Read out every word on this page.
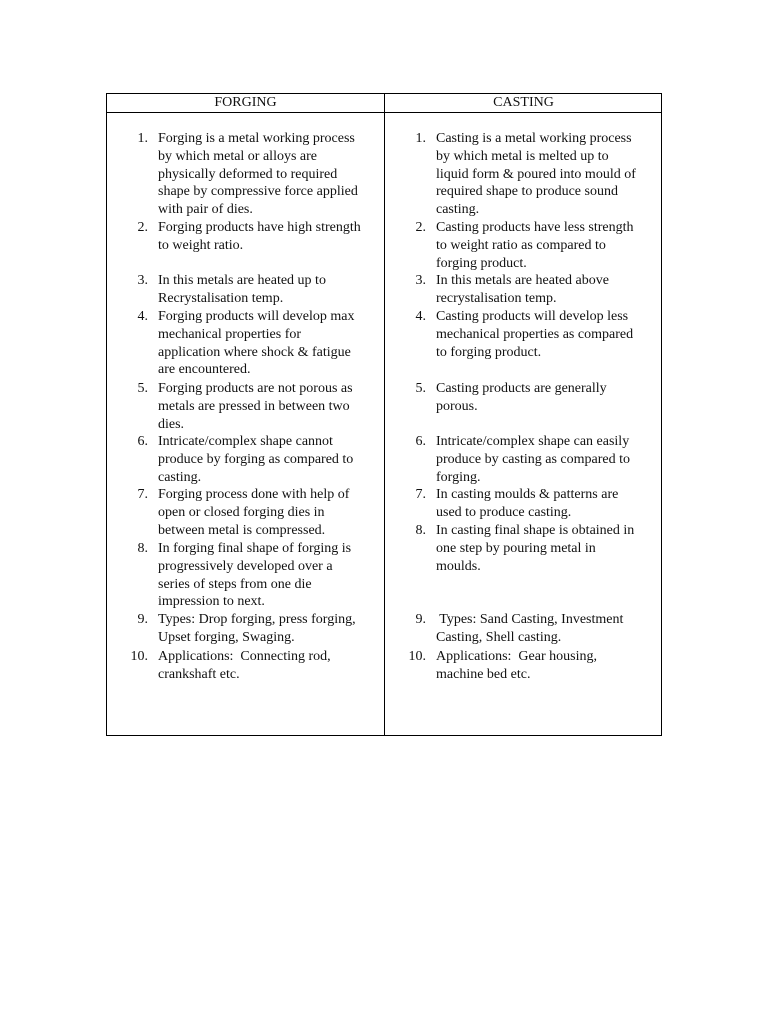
FORGING	CASTING
1. Forging is a metal working process
by which metal or alloys are
physically deformed to required
shape by compressive force applied
with pair of dies.
2. Forging products have high strength
to weight ratio.
3. In this metals are heated up to
Recrystalisation temp.
4. Forging products will develop max
mechanical properties for
application where shock & fatigue
are encountered.
5. Forging products are not porous as
metals are pressed in between two
dies.
6. Intricate/complex shape cannot
produce by forging as compared to
casting.
7. Forging process done with help of
open or closed forging dies in
between metal is compressed.
8. In forging final shape of forging is
progressively developed over a
series of steps from one die
impression to next.
9. Types: Drop forging, press forging,
Upset forging, Swaging.
10. Applications:  Connecting rod,
crankshaft etc.
1. Casting is a metal working process
by which metal is melted up to
liquid form & poured into mould of
required shape to produce sound
casting.
2. Casting products have less strength
to weight ratio as compared to
forging product.
3. In this metals are heated above
recrystalisation temp.
4. Casting products will develop less
mechanical properties as compared
to forging product.
5. Casting products are generally
porous.
6. Intricate/complex shape can easily
produce by casting as compared to
forging.
7. In casting moulds & patterns are
used to produce casting.
8. In casting final shape is obtained in
one step by pouring metal in
moulds.
9. Types: Sand Casting, Investment
Casting, Shell casting.
10. Applications:  Gear housing,
machine bed etc.
